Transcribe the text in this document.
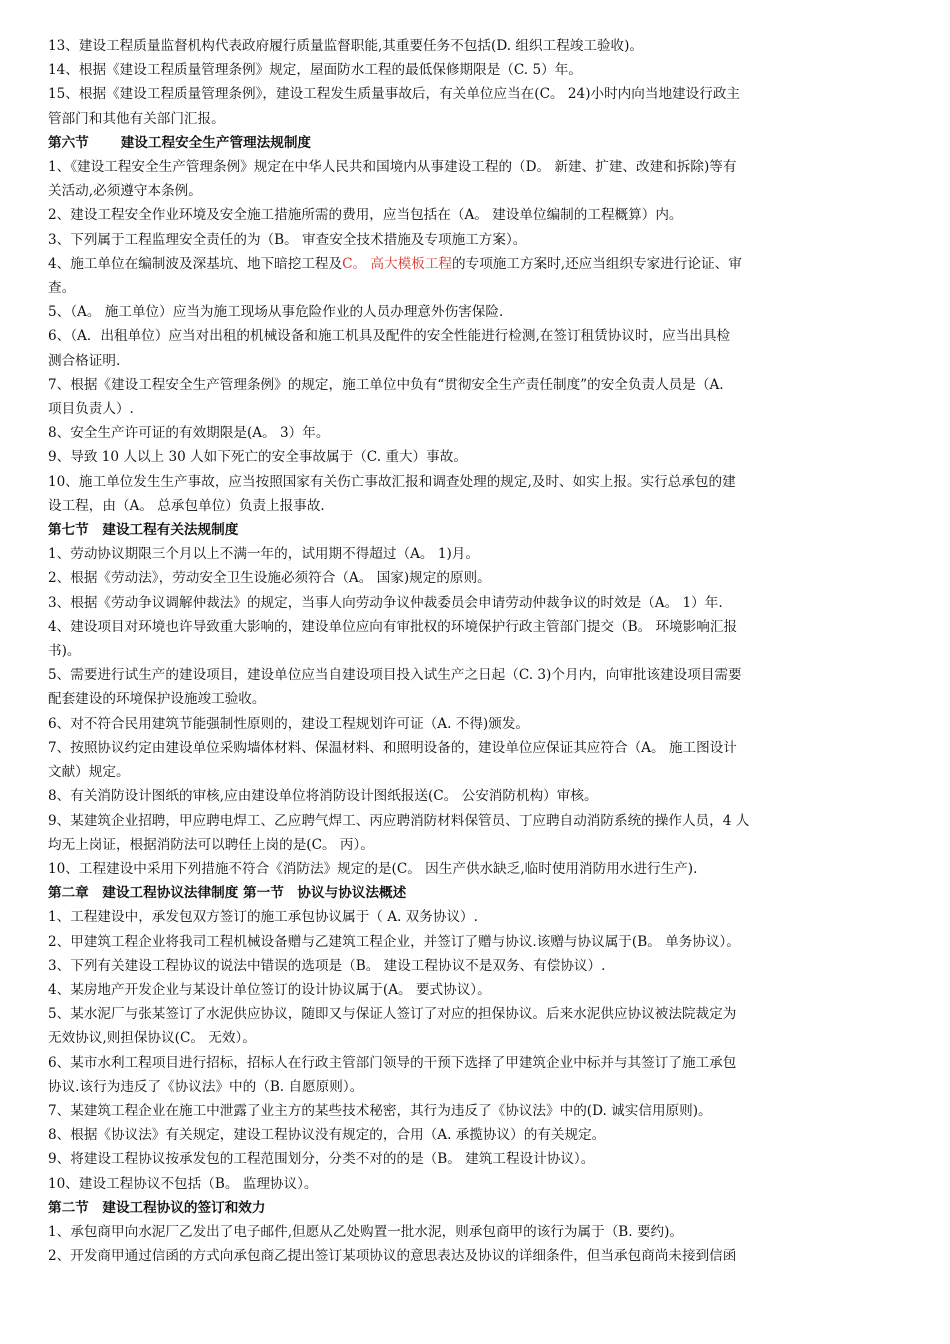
13、建设工程质量监督机构代表政府履行质量监督职能,其重要任务不包括(D. 组织工程竣工验收)。
14、根据《建设工程质量管理条例》规定，屋面防水工程的最低保修期限是（C. 5）年。
15、根据《建设工程质量管理条例》，建设工程发生质量事故后，有关单位应当在(C。 24)小时内向当地建设行政主
管部门和其他有关部门汇报。
第六节　　 建设工程安全生产管理法规制度
1、《建设工程安全生产管理条例》规定在中华人民共和国境内从事建设工程的（D。 新建、扩建、改建和拆除)等有
关活动,必须遵守本条例。
2、建设工程安全作业环境及安全施工措施所需的费用，应当包括在（A。 建设单位编制的工程概算）内。
3、下列属于工程监理安全责任的为（B。 审查安全技术措施及专项施工方案）。
4、施工单位在编制波及深基坑、地下暗挖工程及C。 高大模板工程的专项施工方案时,还应当组织专家进行论证、审
查。
5、（A。 施工单位）应当为施工现场从事危险作业的人员办理意外伤害保险.
6、（A．出租单位）应当对出租的机械设备和施工机具及配件的安全性能进行检测,在签订租赁协议时，应当出具检
测合格证明.
7、根据《建设工程安全生产管理条例》的规定，施工单位中负有“贯彻安全生产责任制度”的安全负责人员是（A.
项目负责人）.
8、安全生产许可证的有效期限是(A。 3）年。
9、导致 10 人以上 30 人如下死亡的安全事故属于（C. 重大）事故。
10、施工单位发生生产事故，应当按照国家有关伤亡事故汇报和调查处理的规定,及时、如实上报。实行总承包的建
设工程，由（A。 总承包单位）负责上报事故.
第七节　建设工程有关法规制度
1、劳动协议期限三个月以上不满一年的，试用期不得超过（A。 1)月。
2、根据《劳动法》，劳动安全卫生设施必须符合（A。 国家)规定的原则。
3、根据《劳动争议调解仲裁法》的规定，当事人向劳动争议仲裁委员会申请劳动仲裁争议的时效是（A。 1）年.
4、建设项目对环境也许导致重大影响的，建设单位应向有审批权的环境保护行政主管部门提交（B。 环境影响汇报
书)。
5、需要进行试生产的建设项目，建设单位应当自建设项目投入试生产之日起（C. 3)个月内，向审批该建设项目需要
配套建设的环境保护设施竣工验收。
6、对不符合民用建筑节能强制性原则的，建设工程规划许可证（A. 不得)颁发。
7、按照协议约定由建设单位采购墙体材料、保温材料、和照明设备的，建设单位应保证其应符合（A。 施工图设计
文献）规定。
8、有关消防设计图纸的审核,应由建设单位将消防设计图纸报送(C。 公安消防机构）审核。
9、某建筑企业招聘，甲应聘电焊工、乙应聘气焊工、丙应聘消防材料保管员、丁应聘自动消防系统的操作人员，4 人
均无上岗证，根据消防法可以聘任上岗的是(C。 丙）。
10、工程建设中采用下列措施不符合《消防法》规定的是(C。 因生产供水缺乏,临时使用消防用水进行生产).
第二章　建设工程协议法律制度 第一节　协议与协议法概述
1、工程建设中，承发包双方签订的施工承包协议属于（ A. 双务协议）.
2、甲建筑工程企业将我司工程机械设备赠与乙建筑工程企业，并签订了赠与协议.该赠与协议属于(B。 单务协议）。
3、下列有关建设工程协议的说法中错误的选项是（B。 建设工程协议不是双务、有偿协议）.
4、某房地产开发企业与某设计单位签订的设计协议属于(A。 要式协议）。
5、某水泥厂与张某签订了水泥供应协议，随即又与保证人签订了对应的担保协议。后来水泥供应协议被法院裁定为
无效协议,则担保协议(C。 无效）。
6、某市水利工程项目进行招标，招标人在行政主管部门领导的干预下选择了甲建筑企业中标并与其签订了施工承包
协议.该行为违反了《协议法》中的（B. 自愿原则）。
7、某建筑工程企业在施工中泄露了业主方的某些技术秘密，其行为违反了《协议法》中的(D. 诚实信用原则)。
8、根据《协议法》有关规定，建设工程协议没有规定的，合用（A. 承揽协议）的有关规定。
9、将建设工程协议按承发包的工程范围划分，分类不对的的是（B。 建筑工程设计协议）。
10、建设工程协议不包括（B。 监理协议）。
第二节　建设工程协议的签订和效力
1、承包商甲向水泥厂乙发出了电子邮件,但愿从乙处购置一批水泥，则承包商甲的该行为属于（B. 要约)。
2、开发商甲通过信函的方式向承包商乙提出签订某项协议的意思表达及协议的详细条件，但当承包商尚未接到信函
